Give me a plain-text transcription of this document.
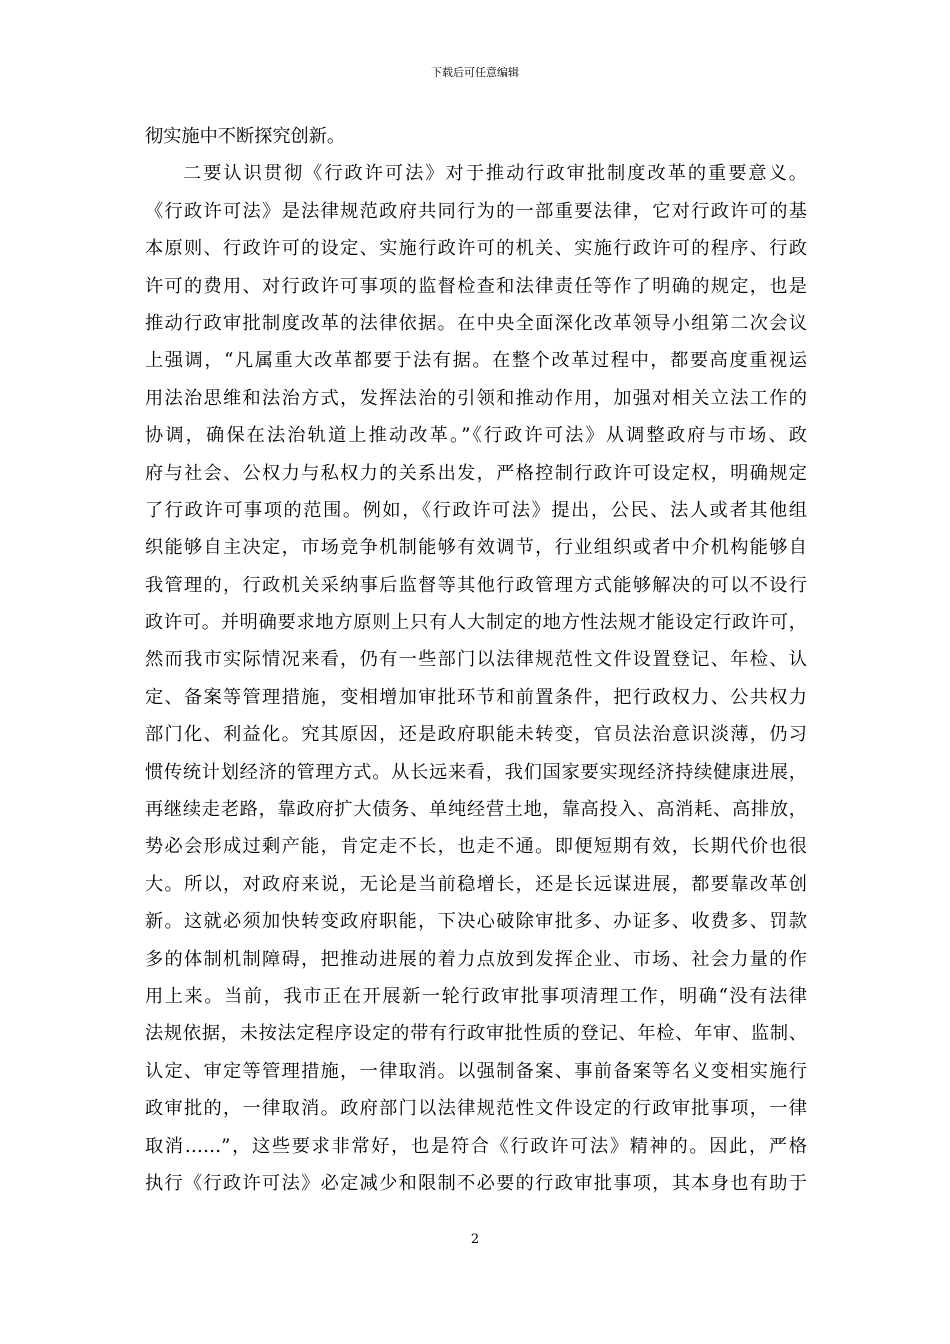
下载后可任意编辑
彻实施中不断探究创新。
二要认识贯彻《行政许可法》对于推动行政审批制度改革的重要意义。
《行政许可法》是法律规范政府共同行为的一部重要法律，它对行政许可的基
本原则、行政许可的设定、实施行政许可的机关、实施行政许可的程序、行政
许可的费用、对行政许可事项的监督检查和法律责任等作了明确的规定，也是
推动行政审批制度改革的法律依据。在中央全面深化改革领导小组第二次会议
上强调，“凡属重大改革都要于法有据。在整个改革过程中，都要高度重视运
用法治思维和法治方式，发挥法治的引领和推动作用，加强对相关立法工作的
协调，确保在法治轨道上推动改革。”《行政许可法》从调整政府与市场、政
府与社会、公权力与私权力的关系出发，严格控制行政许可设定权，明确规定
了行政许可事项的范围。例如，《行政许可法》提出，公民、法人或者其他组
织能够自主决定，市场竞争机制能够有效调节，行业组织或者中介机构能够自
我管理的，行政机关采纳事后监督等其他行政管理方式能够解决的可以不设行
政许可。并明确要求地方原则上只有人大制定的地方性法规才能设定行政许可，
然而我市实际情况来看，仍有一些部门以法律规范性文件设置登记、年检、认
定、备案等管理措施，变相增加审批环节和前置条件，把行政权力、公共权力
部门化、利益化。究其原因，还是政府职能未转变，官员法治意识淡薄，仍习
惯传统计划经济的管理方式。从长远来看，我们国家要实现经济持续健康进展，
再继续走老路，靠政府扩大债务、单纯经营土地，靠高投入、高消耗、高排放，
势必会形成过剩产能，肯定走不长，也走不通。即便短期有效，长期代价也很
大。所以，对政府来说，无论是当前稳增长，还是长远谋进展，都要靠改革创
新。这就必须加快转变政府职能，下决心破除审批多、办证多、收费多、罚款
多的体制机制障碍，把推动进展的着力点放到发挥企业、市场、社会力量的作
用上来。当前，我市正在开展新一轮行政审批事项清理工作，明确“没有法律
法规依据，未按法定程序设定的带有行政审批性质的登记、年检、年审、监制、
认定、审定等管理措施，一律取消。以强制备案、事前备案等名义变相实施行
政审批的，一律取消。政府部门以法律规范性文件设定的行政审批事项，一律
取消……”，这些要求非常好，也是符合《行政许可法》精神的。因此，严格
执行《行政许可法》必定减少和限制不必要的行政审批事项，其本身也有助于
2
